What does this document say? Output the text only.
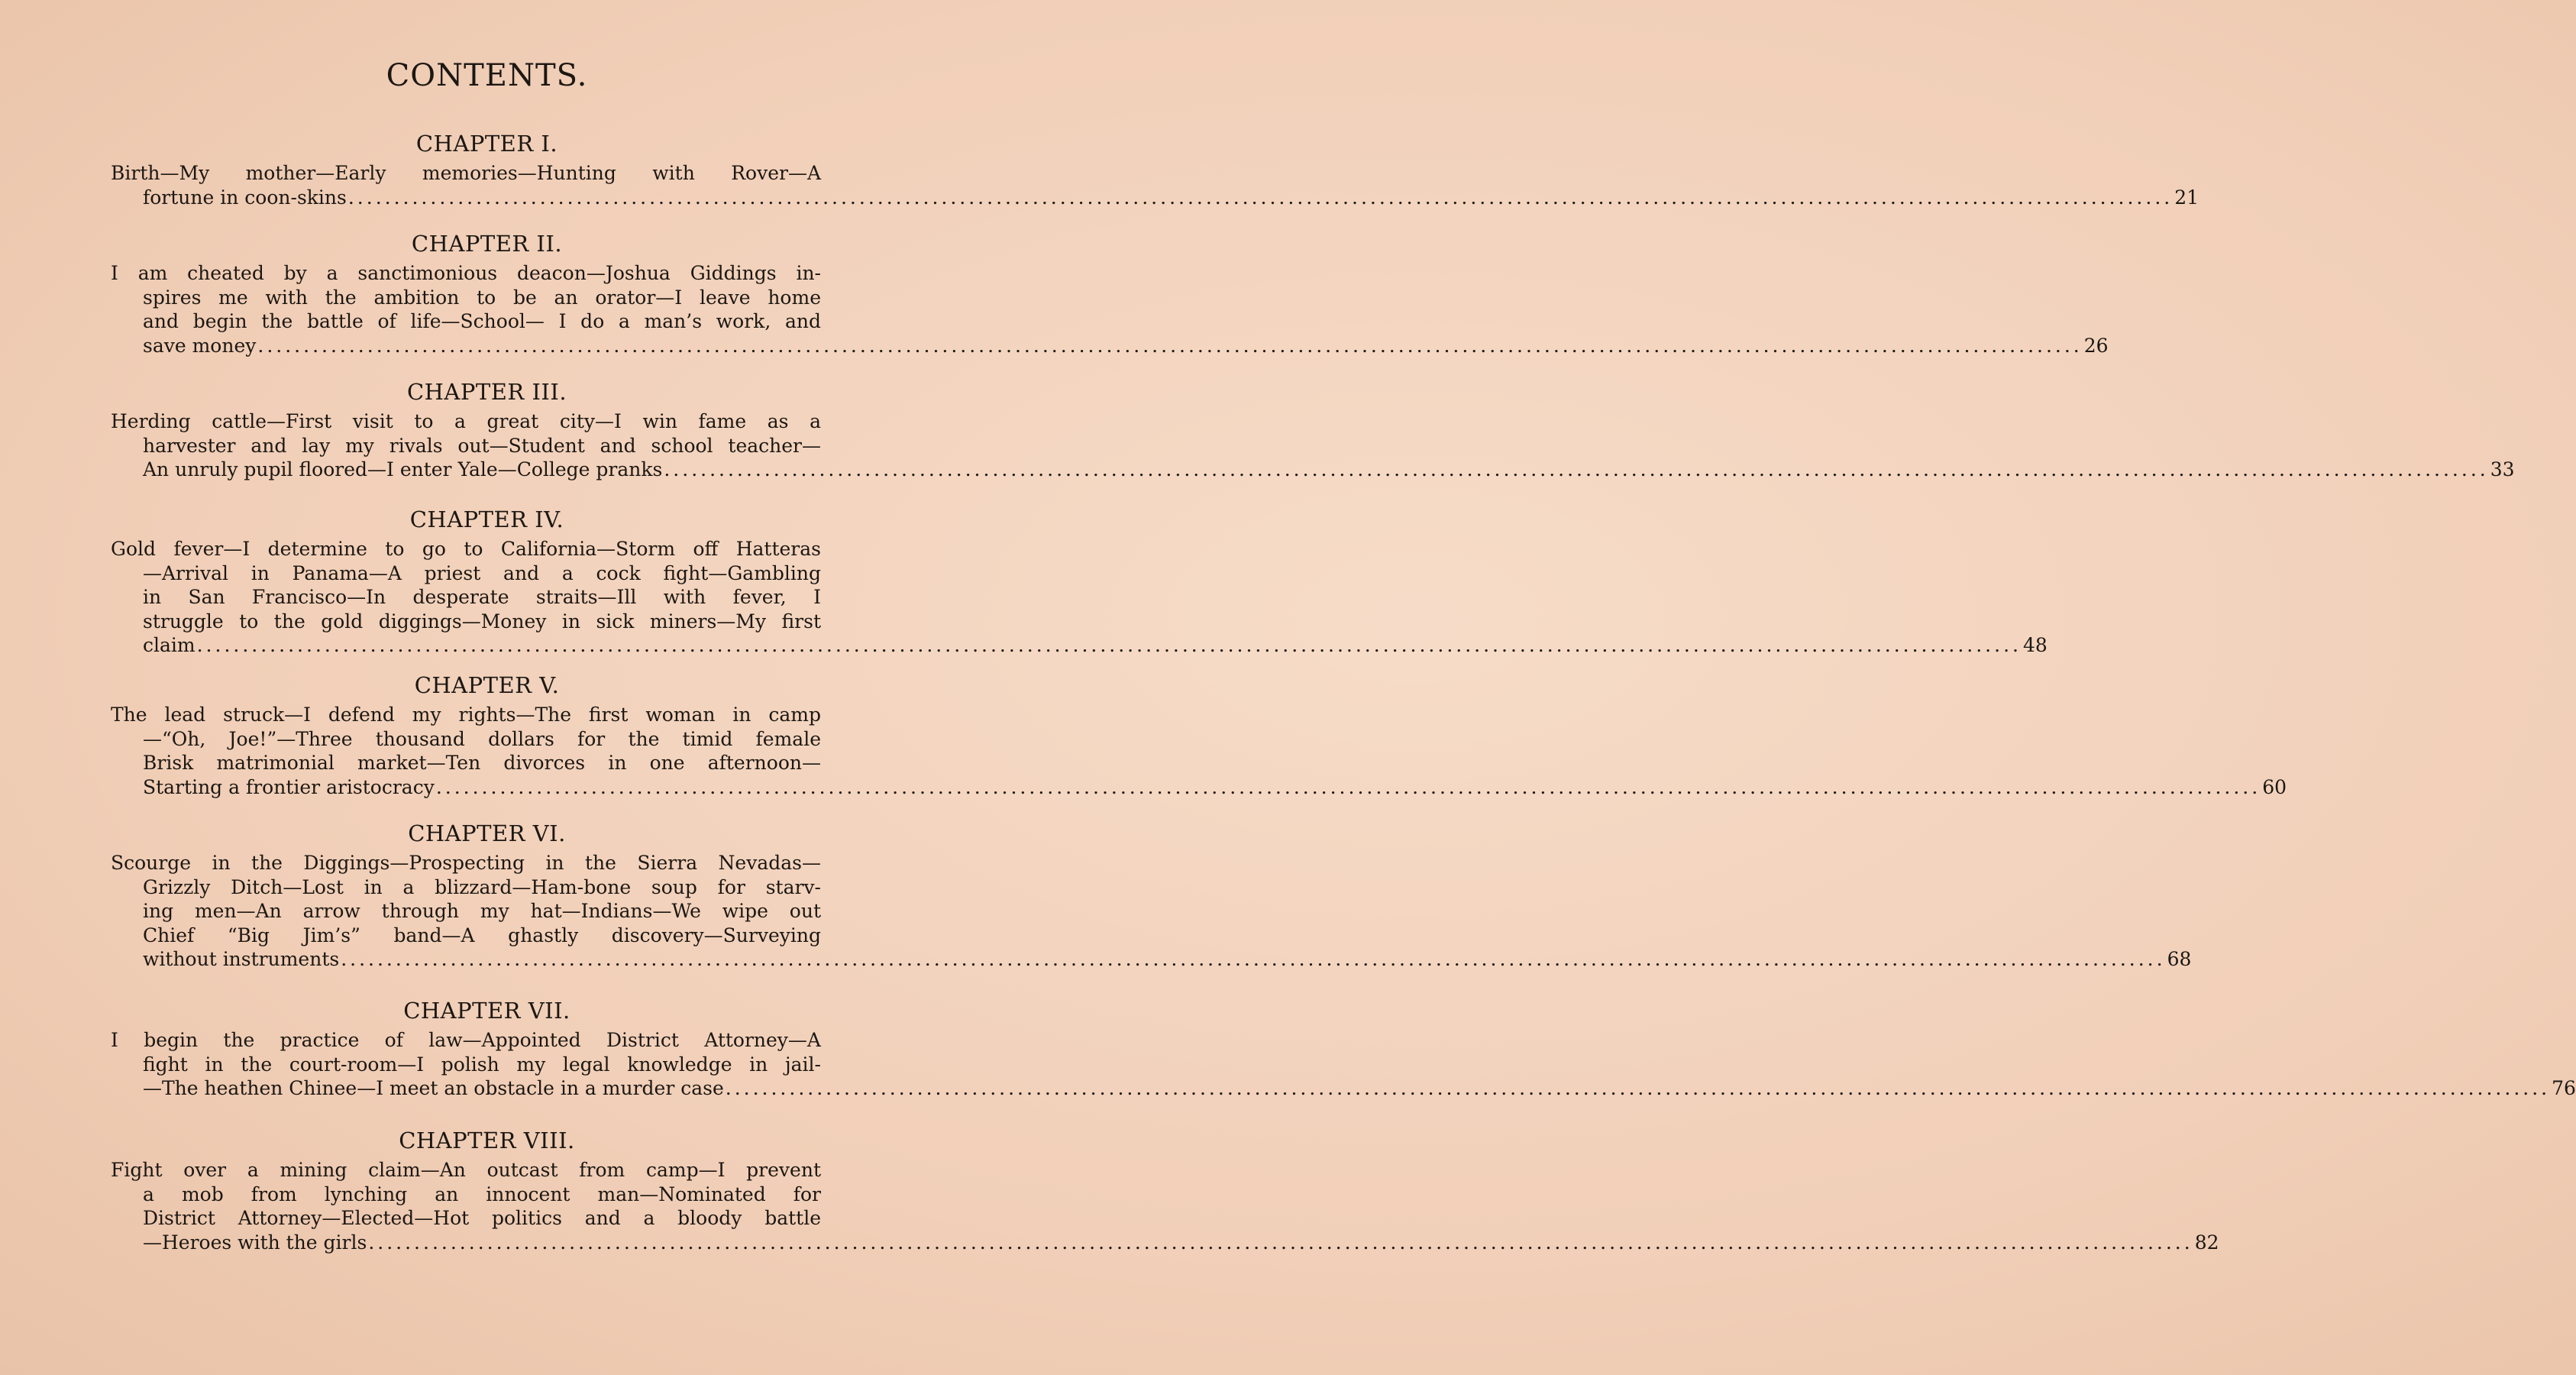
CONTENTS.
CHAPTER I.
Birth—My mother—Early memories—Hunting with Rover—A
fortune in coon-skins ........................................................................................................................................................................................................ 21
CHAPTER II.
I am cheated by a sanctimonious deacon—Joshua Giddings in-
spires me with the ambition to be an orator—I leave home
and begin the battle of life—School— I do a man’s work, and
save money ........................................................................................................................................................................................................ 26
CHAPTER III.
Herding cattle—First visit to a great city—I win fame as a
harvester and lay my rivals out—Student and school teacher—
An unruly pupil floored—I enter Yale—College pranks ........................................................................................................................................................................................................ 33
CHAPTER IV.
Gold fever—I determine to go to California—Storm off Hatteras
—Arrival in Panama—A priest and a cock fight—Gambling
in San Francisco—In desperate straits—Ill with fever, I
struggle to the gold diggings—Money in sick miners—My first
claim ........................................................................................................................................................................................................ 48
CHAPTER V.
The lead struck—I defend my rights—The first woman in camp
—“Oh, Joe!”—Three thousand dollars for the timid female
Brisk matrimonial market—Ten divorces in one afternoon—
Starting a frontier aristocracy ........................................................................................................................................................................................................ 60
CHAPTER VI.
Scourge in the Diggings—Prospecting in the Sierra Nevadas—
Grizzly Ditch—Lost in a blizzard—Ham-bone soup for starv-
ing men—An arrow through my hat—Indians—We wipe out
Chief “Big Jim’s” band—A ghastly discovery—Surveying
without instruments ........................................................................................................................................................................................................ 68
CHAPTER VII.
I begin the practice of law—Appointed District Attorney—A
fight in the court-room—I polish my legal knowledge in jail-
—The heathen Chinee—I meet an obstacle in a murder case ........................................................................................................................................................................................................ 76
CHAPTER VIII.
Fight over a mining claim—An outcast from camp—I prevent
a mob from lynching an innocent man—Nominated for
District Attorney—Elected—Hot politics and a bloody battle
—Heroes with the girls ........................................................................................................................................................................................................ 82
